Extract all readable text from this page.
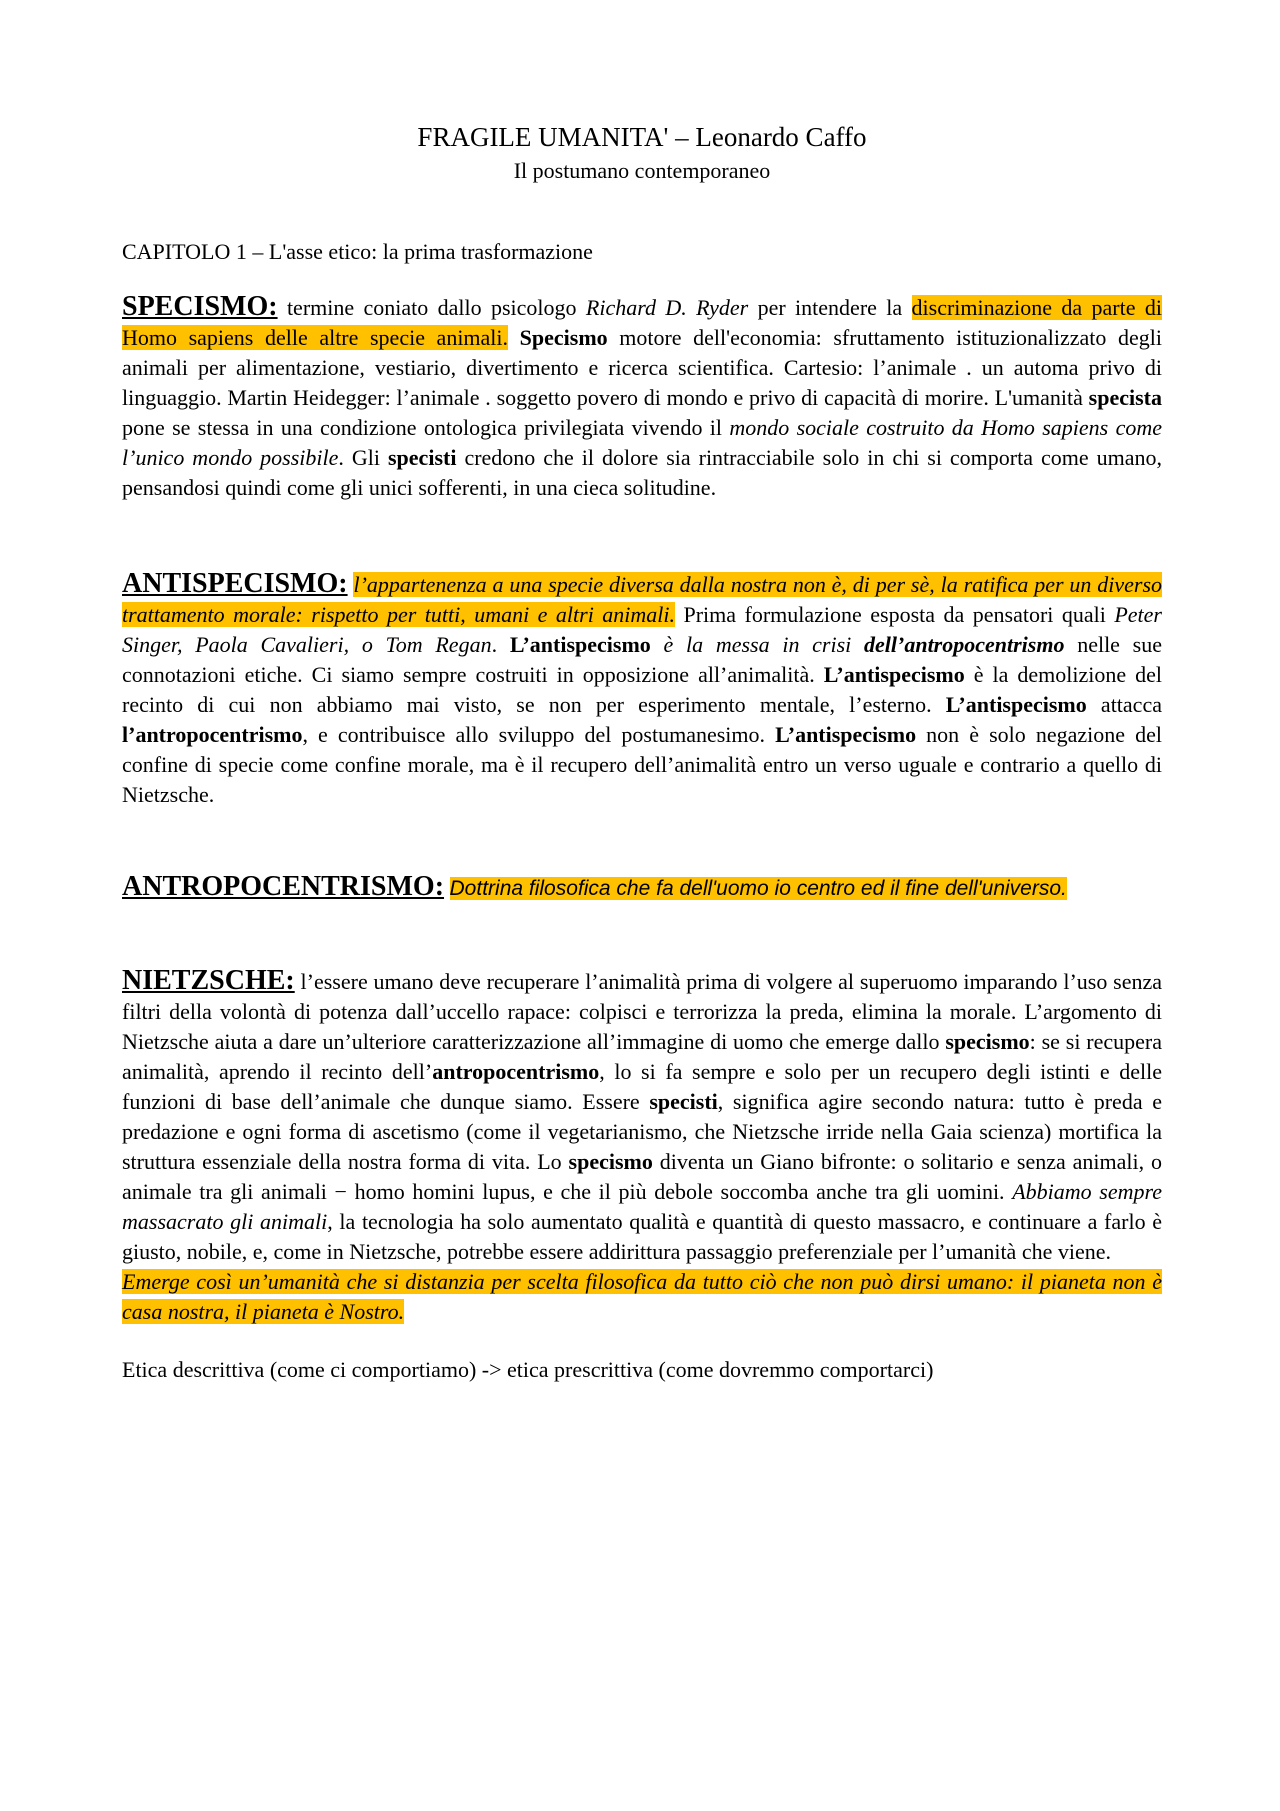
FRAGILE UMANITA' – Leonardo Caffo
Il postumano contemporaneo
CAPITOLO 1 – L'asse etico: la prima trasformazione

SPECISMO: termine coniato dallo psicologo Richard D. Ryder per intendere la discriminazione da parte di Homo sapiens delle altre specie animali. Specismo motore dell'economia: sfruttamento istituzionalizzato degli animali per alimentazione, vestiario, divertimento e ricerca scientifica. Cartesio: l’animale . un automa privo di linguaggio. Martin Heidegger: l’animale . soggetto povero di mondo e privo di capacità di morire. L'umanità specista pone se stessa in una condizione ontologica privilegiata vivendo il mondo sociale costruito da Homo sapiens come l’unico mondo possibile. Gli specisti credono che il dolore sia rintracciabile solo in chi si comporta come umano, pensandosi quindi come gli unici sofferenti, in una cieca solitudine.

ANTISPECISMO: l’appartenenza a una specie diversa dalla nostra non è, di per sè, la ratifica per un diverso trattamento morale: rispetto per tutti, umani e altri animali. Prima formulazione esposta da pensatori quali Peter Singer, Paola Cavalieri, o Tom Regan. L’antispecismo è la messa in crisi dell’antropocentrismo nelle sue connotazioni etiche. Ci siamo sempre costruiti in opposizione all’animalità. L’antispecismo è la demolizione del recinto di cui non abbiamo mai visto, se non per esperimento mentale, l’esterno. L’antispecismo attacca l’antropocentrismo, e contribuisce allo sviluppo del postumanesimo. L’antispecismo non è solo negazione del confine di specie come confine morale, ma è il recupero dell’animalità entro un verso uguale e contrario a quello di Nietzsche.

ANTROPOCENTRISMO: Dottrina filosofica che fa dell'uomo io centro ed il fine dell'universo.

NIETZSCHE: l’essere umano deve recuperare l’animalità prima di volgere al superuomo imparando l’uso senza filtri della volontà di potenza dall’uccello rapace: colpisci e terrorizza la preda, elimina la morale. L’argomento di Nietzsche aiuta a dare un’ulteriore caratterizzazione all’immagine di uomo che emerge dallo specismo: se si recupera animalità, aprendo il recinto dell’antropocentrismo, lo si fa sempre e solo per un recupero degli istinti e delle funzioni di base dell’animale che dunque siamo. Essere specisti, significa agire secondo natura: tutto è preda e predazione e ogni forma di ascetismo (come il vegetarianismo, che Nietzsche irride nella Gaia scienza) mortifica la struttura essenziale della nostra forma di vita. Lo specismo diventa un Giano bifronte: o solitario e senza animali, o animale tra gli animali − homo homini lupus, e che il più debole soccomba anche tra gli uomini. Abbiamo sempre massacrato gli animali, la tecnologia ha solo aumentato qualità e quantità di questo massacro, e continuare a farlo è giusto, nobile, e, come in Nietzsche, potrebbe essere addirittura passaggio preferenziale per l’umanità che viene.
Emerge così un’umanità che si distanzia per scelta filosofica da tutto ciò che non può dirsi umano: il pianeta non è casa nostra, il pianeta è Nostro.

Etica descrittiva (come ci comportiamo) -> etica prescrittiva (come dovremmo comportarci)
